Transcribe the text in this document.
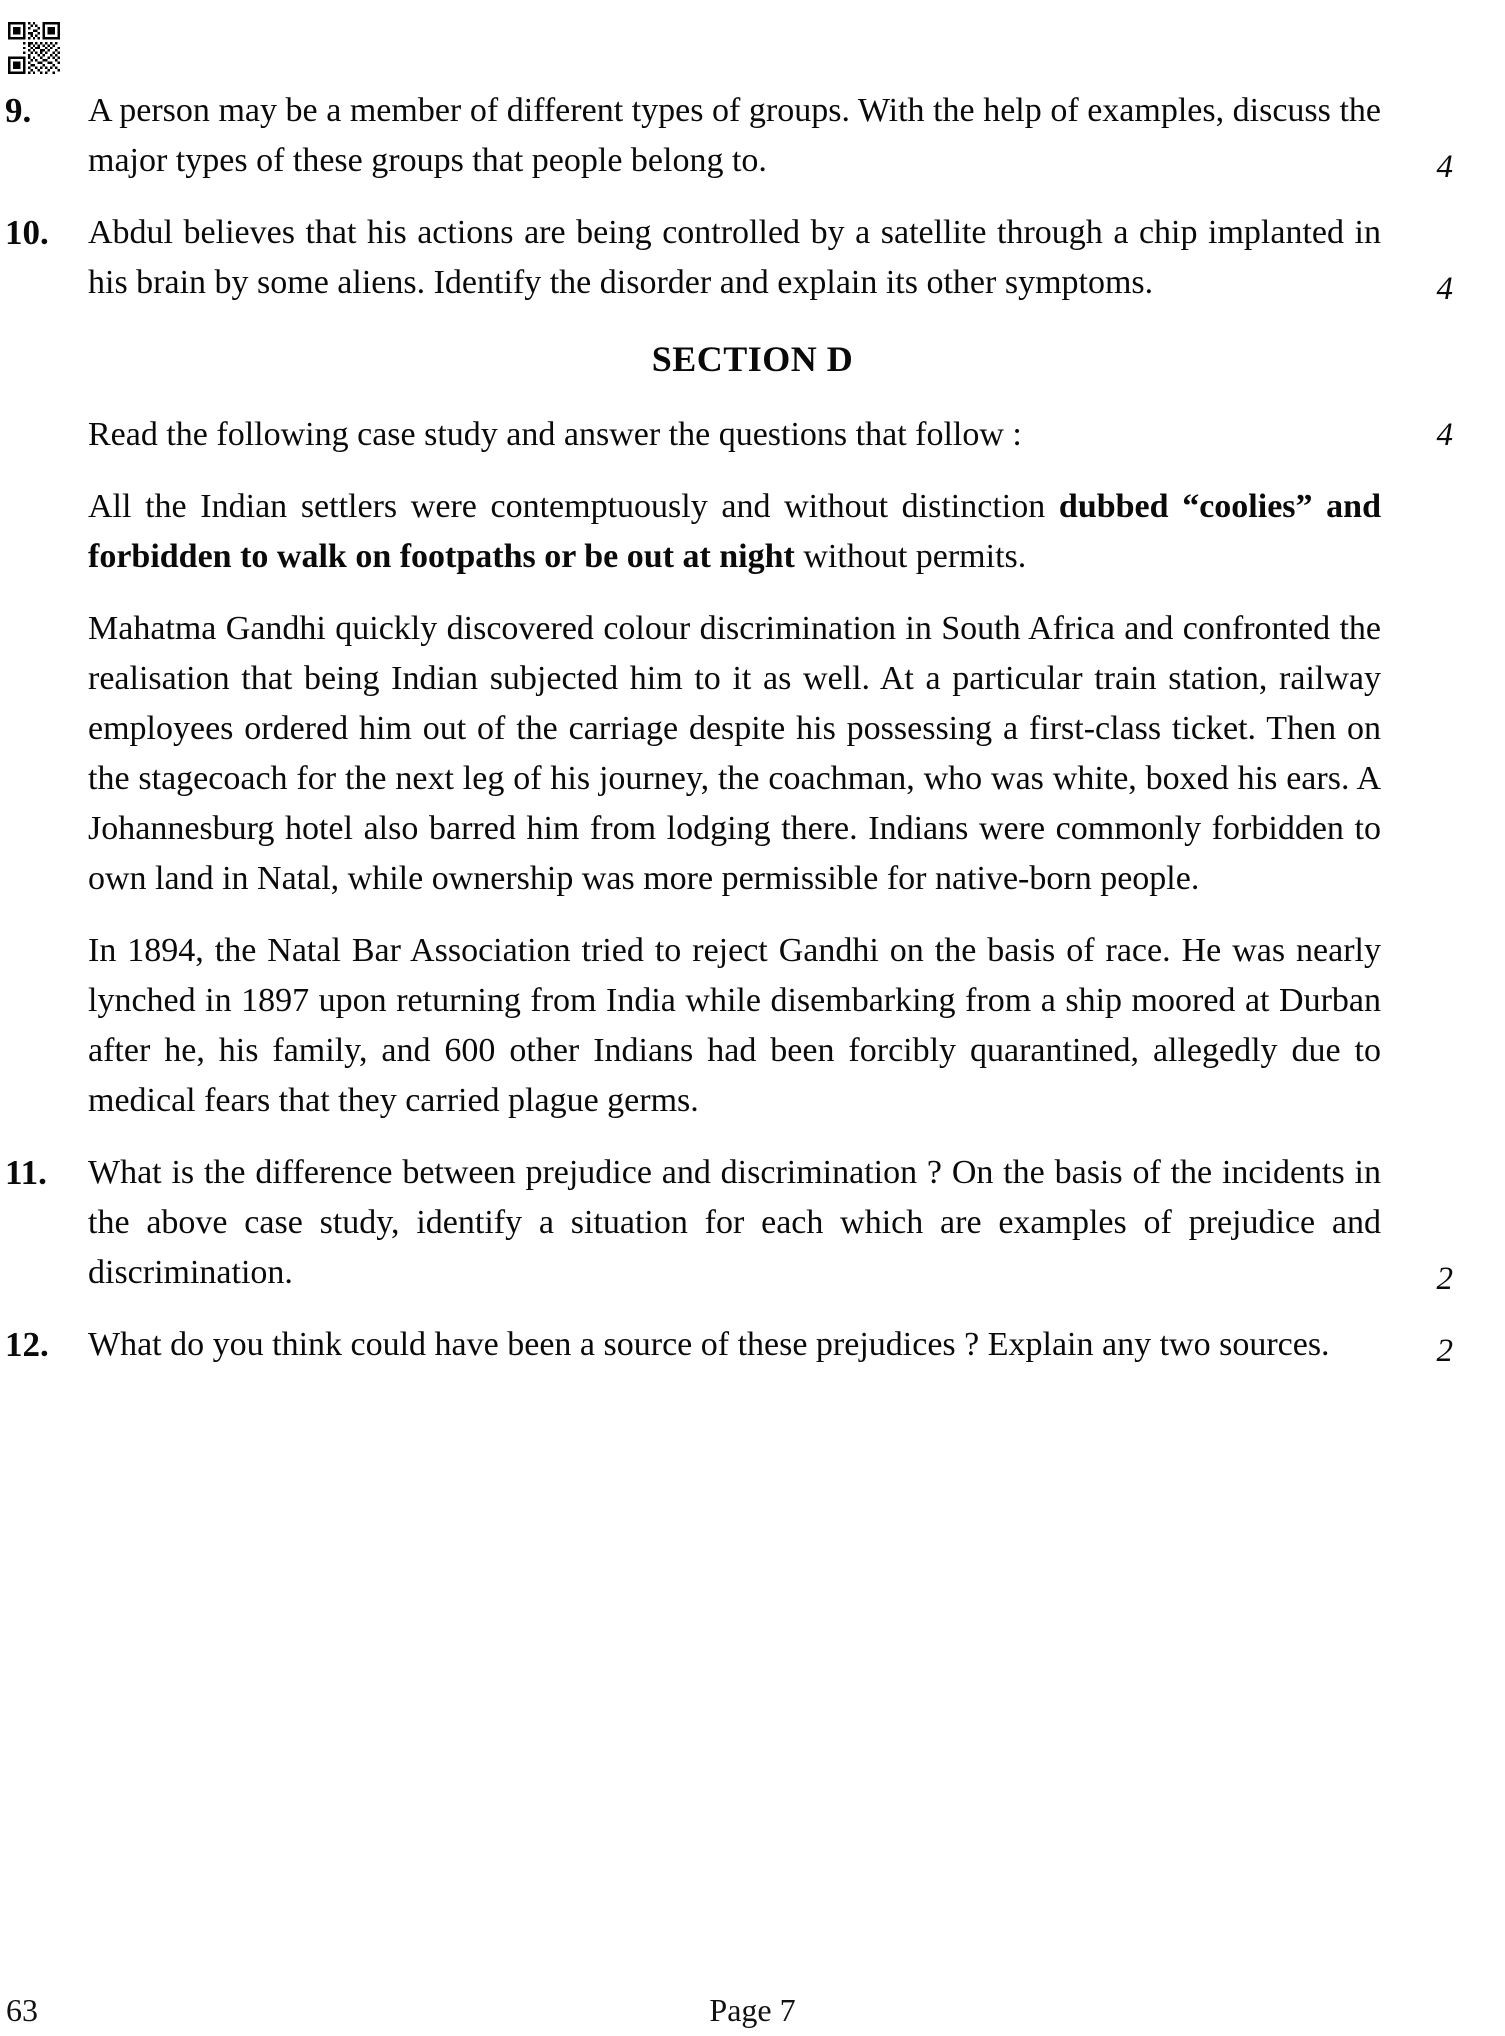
9.	A person may be a member of different types of groups. With the help of examples, discuss the major types of these groups that people belong to.	4
10.	Abdul believes that his actions are being controlled by a satellite through a chip implanted in his brain by some aliens. Identify the disorder and explain its other symptoms.	4
SECTION D
Read the following case study and answer the questions that follow :	4
All the Indian settlers were contemptuously and without distinction dubbed “coolies” and forbidden to walk on footpaths or be out at night without permits.
Mahatma Gandhi quickly discovered colour discrimination in South Africa and confronted the realisation that being Indian subjected him to it as well. At a particular train station, railway employees ordered him out of the carriage despite his possessing a first-class ticket. Then on the stagecoach for the next leg of his journey, the coachman, who was white, boxed his ears. A Johannesburg hotel also barred him from lodging there. Indians were commonly forbidden to own land in Natal, while ownership was more permissible for native-born people.
In 1894, the Natal Bar Association tried to reject Gandhi on the basis of race. He was nearly lynched in 1897 upon returning from India while disembarking from a ship moored at Durban after he, his family, and 600 other Indians had been forcibly quarantined, allegedly due to medical fears that they carried plague germs.
11.	What is the difference between prejudice and discrimination ? On the basis of the incidents in the above case study, identify a situation for each which are examples of prejudice and discrimination.	2
12.	What do you think could have been a source of these prejudices ? Explain any two sources.	2
63	Page 7
